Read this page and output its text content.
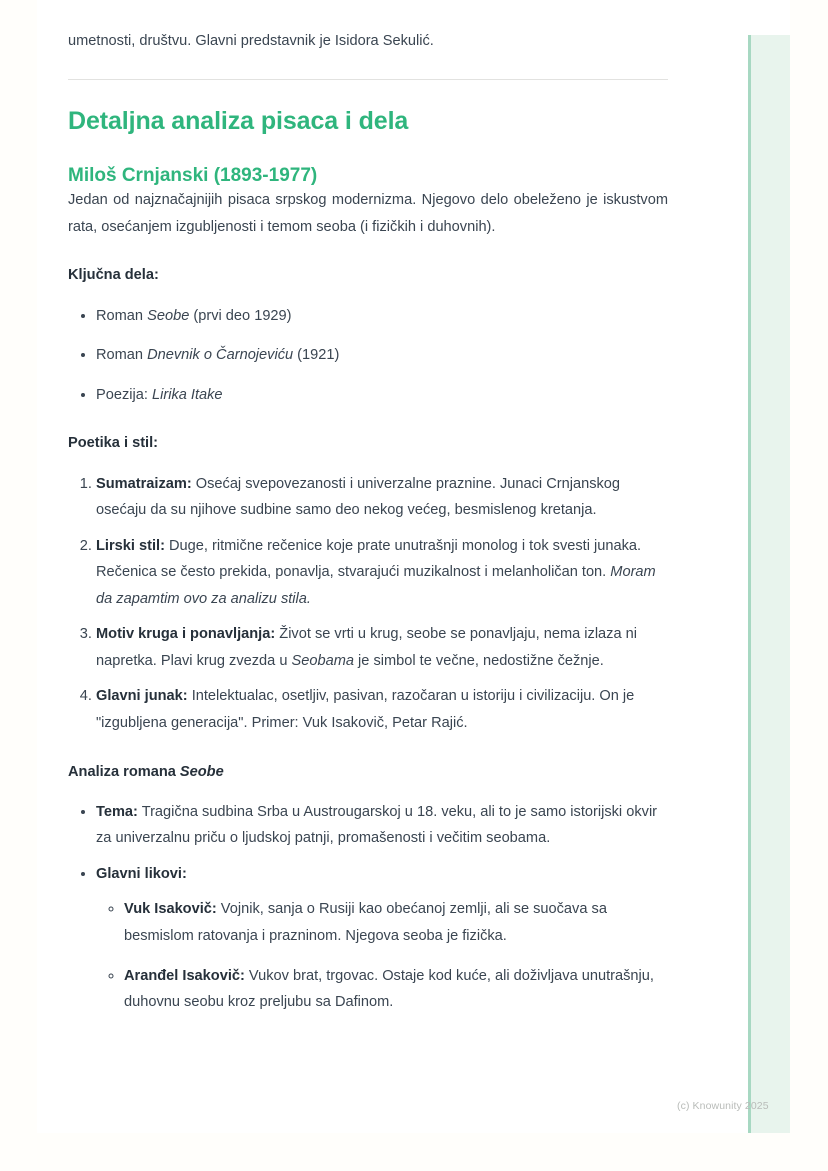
umetnosti, društvu. Glavni predstavnik je Isidora Sekulić.

Detaljna analiza pisaca i dela
Miloš Crnjanski (1893-1977)

Jedan od najznačajnijih pisaca srpskog modernizma. Njegovo delo obeleženo je iskustvom rata, osećanjem izgubljenosti i temom seoba (i fizičkih i duhovnih).

Ključna dela:

• Roman Seobe (prvi deo 1929)
• Roman Dnevnik o Čarnojeviću (1921)
• Poezija: Lirika Itake

Poetika i stil:

1. Sumatraizam: Osećaj svepovezanosti i univerzalne praznine. Junaci Crnjanskog osećaju da su njihove sudbine samo deo nekog većeg, besmislenog kretanja.
2. Lirski stil: Duge, ritmične rečenice koje prate unutrašnji monolog i tok svesti junaka. Rečenica se često prekida, ponavlja, stvarajući muzikalnost i melanholičan ton. Moram da zapamtim ovo za analizu stila.
3. Motiv kruga i ponavljanja: Život se vrti u krug, seobe se ponavljaju, nema izlaza ni napretka. Plavi krug zvezda u Seobama je simbol te večne, nedostižne čežnje.
4. Glavni junak: Intelektualac, osetljiv, pasivan, razočaran u istoriju i civilizaciju. On je "izgubljena generacija". Primer: Vuk Isakovič, Petar Rajić.

Analiza romana Seobe

• Tema: Tragična sudbina Srba u Austrougarskoj u 18. veku, ali to je samo istorijski okvir za univerzalnu priču o ljudskoj patnji, promašenosti i večitim seobama.
• Glavni likovi:
◦ Vuk Isakovič: Vojnik, sanja o Rusiji kao obećanoj zemlji, ali se suočava sa besmislom ratovanja i prazninom. Njegova seoba je fizička.
◦ Aranđel Isakovič: Vukov brat, trgovac. Ostaje kod kuće, ali doživljava unutrašnju, duhovnu seobu kroz preljubu sa Dafinom.
(c) Knowunity 2025
